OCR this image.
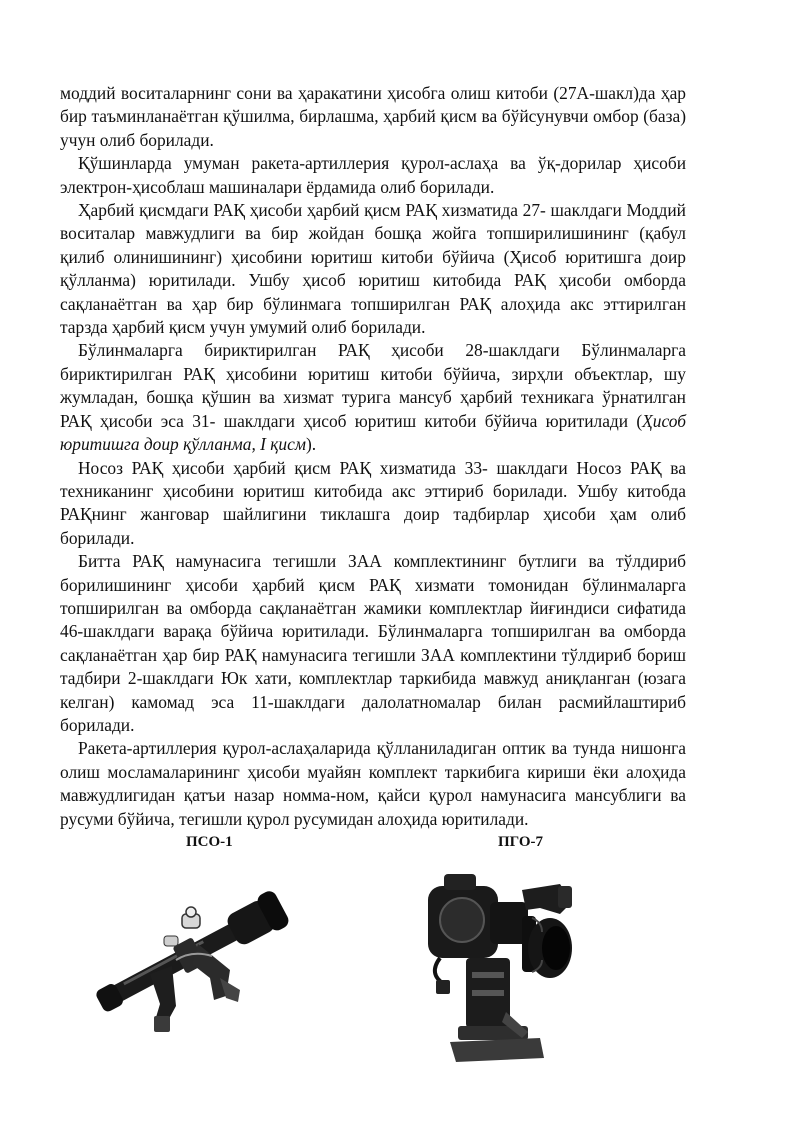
моддий воситаларнинг сони ва ҳаракатини ҳисобга олиш китоби (27А-шакл)да ҳар бир таъминланаётган қўшилма, бирлашма, ҳарбий қисм ва бўйсунувчи омбор (база) учун олиб борилади.

Қўшинларда умуман ракета-артиллерия қурол-аслаҳа ва ўқ-дорилар ҳисоби электрон-ҳисоблаш машиналари ёрдамида олиб борилади.

Ҳарбий қисмдаги РАҚ ҳисоби ҳарбий қисм РАҚ хизматида 27- шаклдаги Моддий воситалар мавжудлиги ва бир жойдан бошқа жойга топширилишининг (қабул қилиб олинишининг) ҳисобини юритиш китоби бўйича (Ҳисоб юритишга доир қўлланма) юритилади. Ушбу ҳисоб юритиш китобида РАҚ ҳисоби омборда сақланаётган ва ҳар бир бўлинмага топширилган РАҚ алоҳида акс эттирилган тарзда ҳарбий қисм учун умумий олиб борилади.

Бўлинмаларга бириктирилган РАҚ ҳисоби 28-шаклдаги Бўлинмаларга бириктирилган РАҚ ҳисобини юритиш китоби бўйича, зирҳли объектлар, шу жумладан, бошқа қўшин ва хизмат турига мансуб ҳарбий техникага ўрнатилган РАҚ ҳисоби эса 31- шаклдаги ҳисоб юритиш китоби бўйича юритилади (Ҳисоб юритишга доир қўлланма, I қисм).

Носоз РАҚ ҳисоби ҳарбий қисм РАҚ хизматида 33- шаклдаги Носоз РАҚ ва техниканинг ҳисобини юритиш китобида акс эттириб борилади. Ушбу китобда РАҚнинг жанговар шайлигини тиклашга доир тадбирлар ҳисоби ҳам олиб борилади.

Битта РАҚ намунасига тегишли ЗАА комплектининг бутлиги ва тўлдириб борилишининг ҳисоби ҳарбий қисм РАҚ хизмати томонидан бўлинмаларга топширилган ва омборда сақланаётган жамики комплектлар йиғиндиси сифатида 46-шаклдаги варақа бўйича юритилади. Бўлинмаларга топширилган ва омборда сақланаётган ҳар бир РАҚ намунасига тегишли ЗАА комплектини тўлдириб бориш тадбири 2-шаклдаги Юк хати, комплектлар таркибида мавжуд аниқланган (юзага келган) камомад эса 11-шаклдаги далолатномалар билан расмийлаштириб борилади.

Ракета-артиллерия қурол-аслаҳаларида қўлланиладиган оптик ва тунда нишонга олиш мосламаларининг ҳисоби муайян комплект таркибига кириши ёки алоҳида мавжудлигидан қатъи назар номма-ном, қайси қурол намунасига мансублиги ва русуми бўйича, тегишли қурол русумидан алоҳида юритилади.

ПСО-1	ПГО-7
